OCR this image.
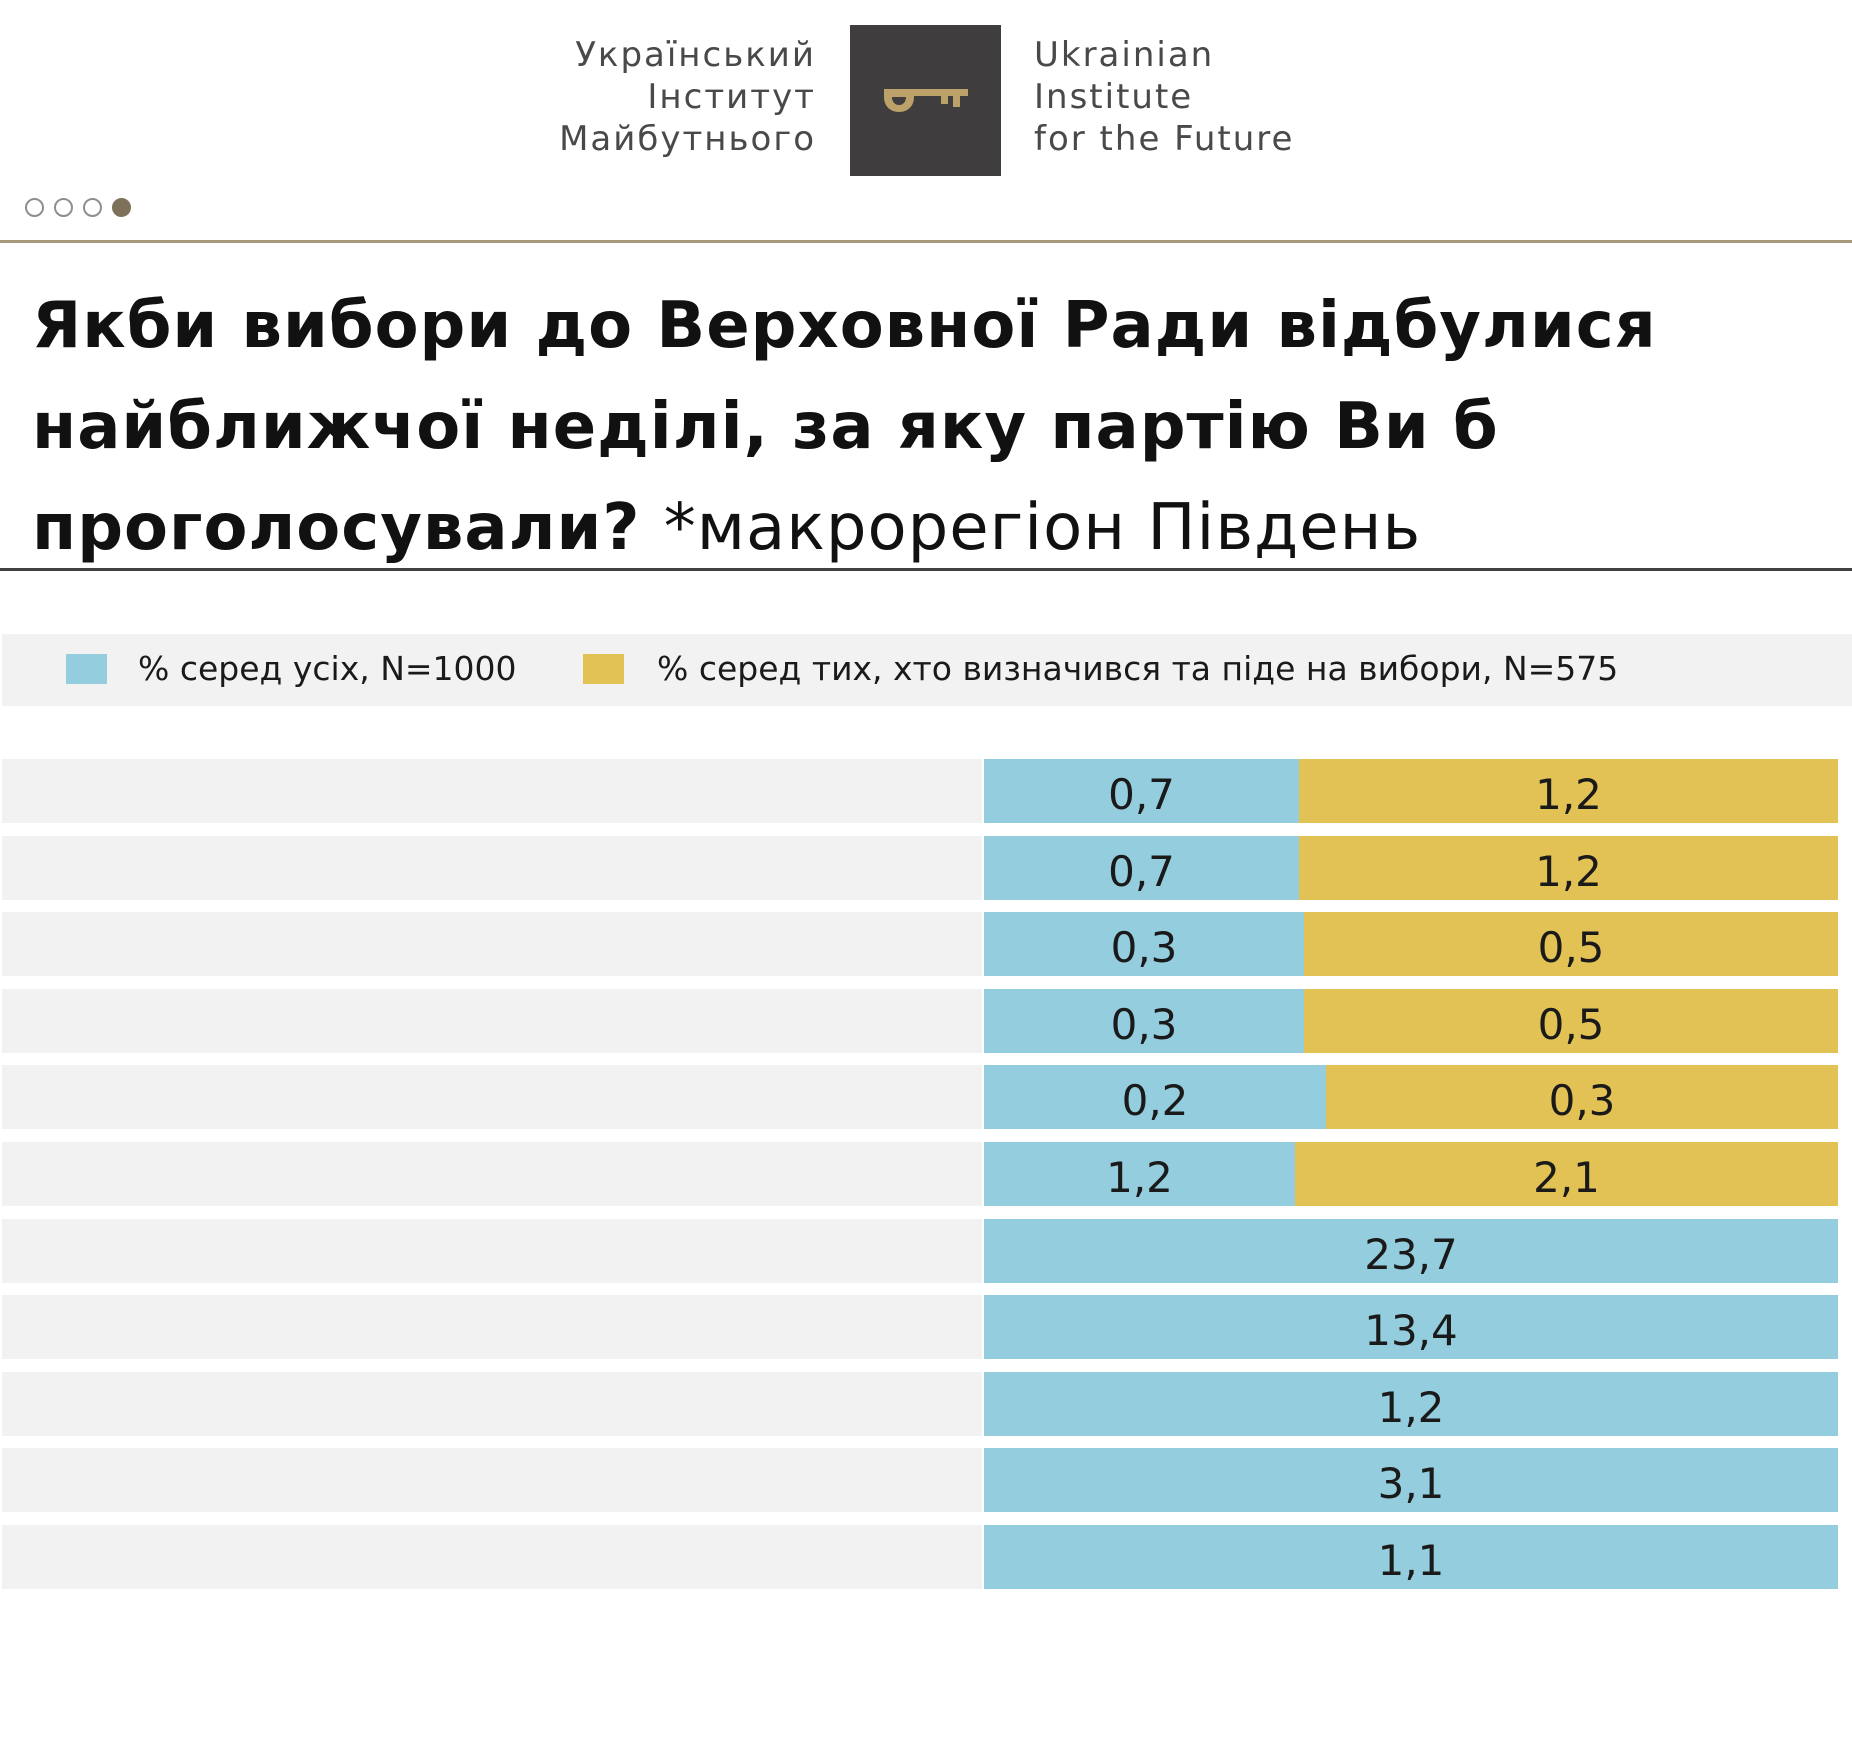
Український
Інститут
Майбутнього
Ukrainian
Institute
for the Future
Якби вибори до Верховної Ради відбулися найближчої неділі, за яку партію Ви б проголосували? *макрорегіон Південь
% серед усіх, N=1000	% серед тих, хто визначився та піде на вибори, N=575
0,7	1,2
0,7	1,2
0,3	0,5
0,3	0,5
0,2	0,3
1,2	2,1
23,7
13,4
1,2
3,1
1,1
